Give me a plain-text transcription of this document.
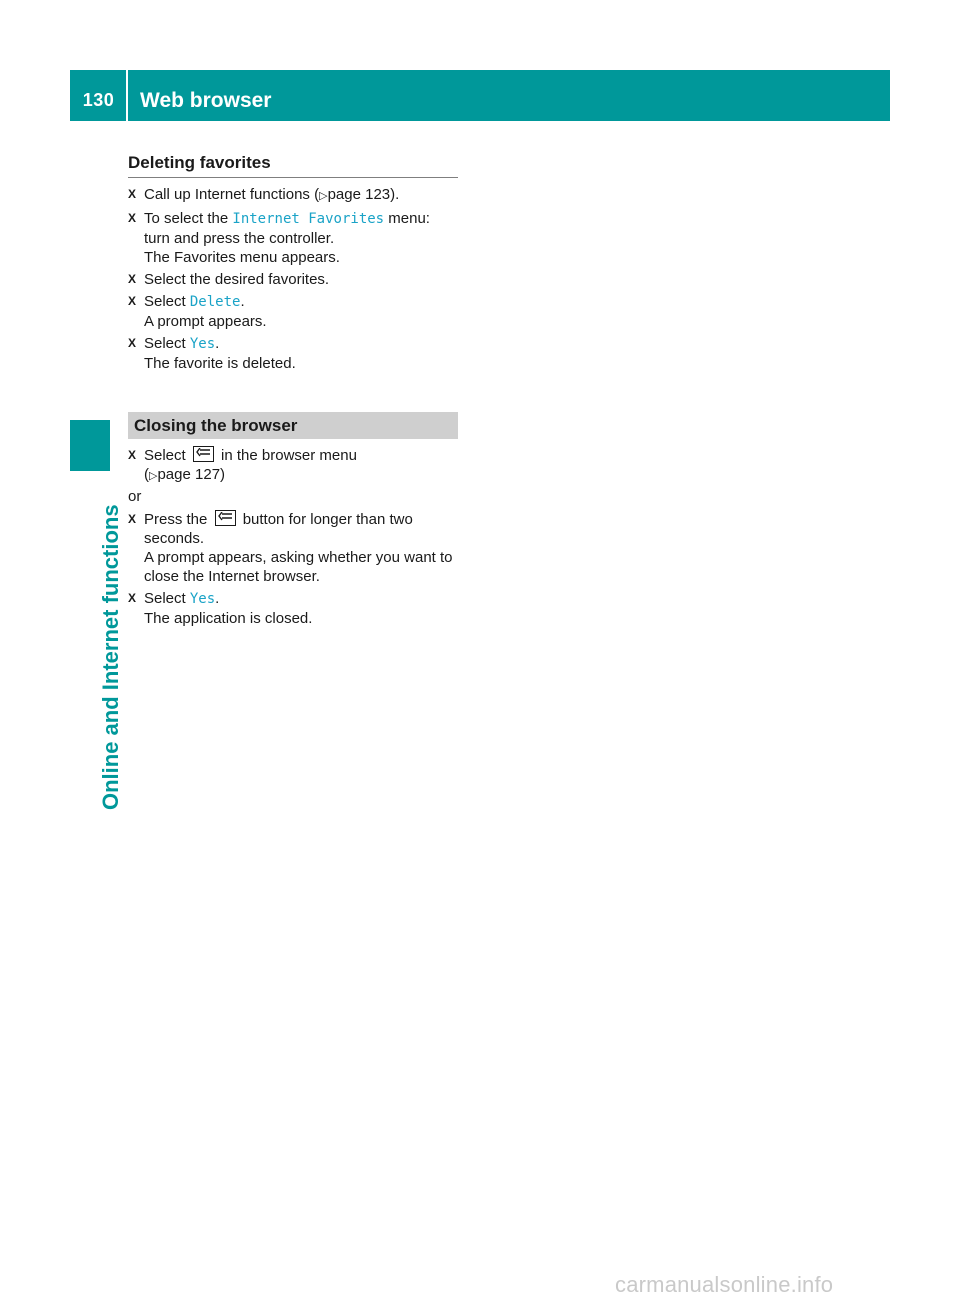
130	Web browser
Online and Internet functions
Deleting favorites
X Call up Internet functions (▷page 123).
X To select the Internet Favorites menu:
turn and press the controller.
The Favorites menu appears.
X Select the desired favorites.
X Select Delete.
A prompt appears.
X Select Yes.
The favorite is deleted.
Closing the browser
X Select
in the browser menu
(▷page 127)
or
X Press the
button for longer than two
seconds.
A prompt appears, asking whether you want to close the Internet browser.
X Select Yes.
The application is closed.
carmanualsonline.info
